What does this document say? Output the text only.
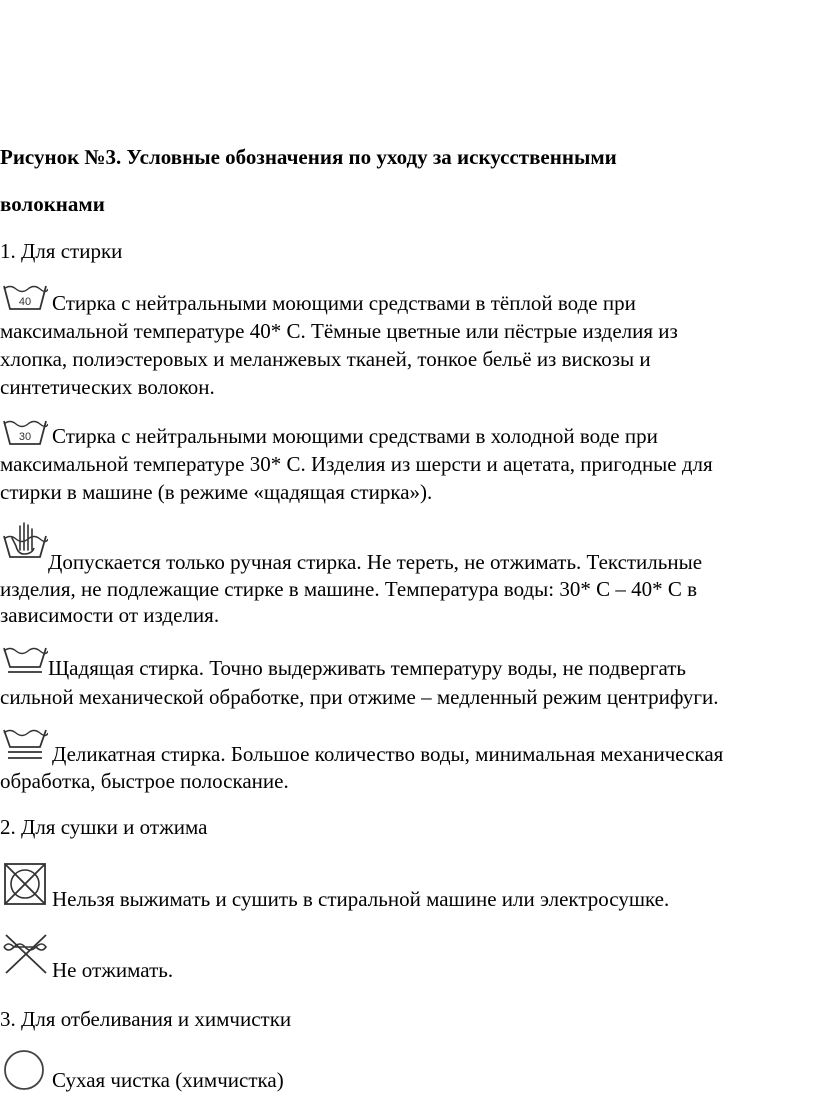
Рисунок №3. Условные обозначения по уходу за искусственными
волокнами
1. Для стирки
40 Стирка с нейтральными моющими средствами в тёплой воде при
максимальной температуре 40* С. Тёмные цветные или пёстрые изделия из
хлопка, полиэстеровых и меланжевых тканей, тонкое бельё из вискозы и
синтетических волокон.
30 Стирка с нейтральными моющими средствами в холодной воде при
максимальной температуре 30* С. Изделия из шерсти и ацетата, пригодные для
стирки в машине (в режиме «щадящая стирка»).
Допускается только ручная стирка. Не тереть, не отжимать. Текстильные
изделия, не подлежащие стирке в машине. Температура воды: 30* С – 40* С в
зависимости от изделия.
Щадящая стирка. Точно выдерживать температуру воды, не подвергать
сильной механической обработке, при отжиме – медленный режим центрифуги.
Деликатная стирка. Большое количество воды, минимальная механическая
обработка, быстрое полоскание.
2. Для сушки и отжима
Нельзя выжимать и сушить в стиральной машине или электросушке.
Не отжимать.
3. Для отбеливания и химчистки
Сухая чистка (химчистка)
